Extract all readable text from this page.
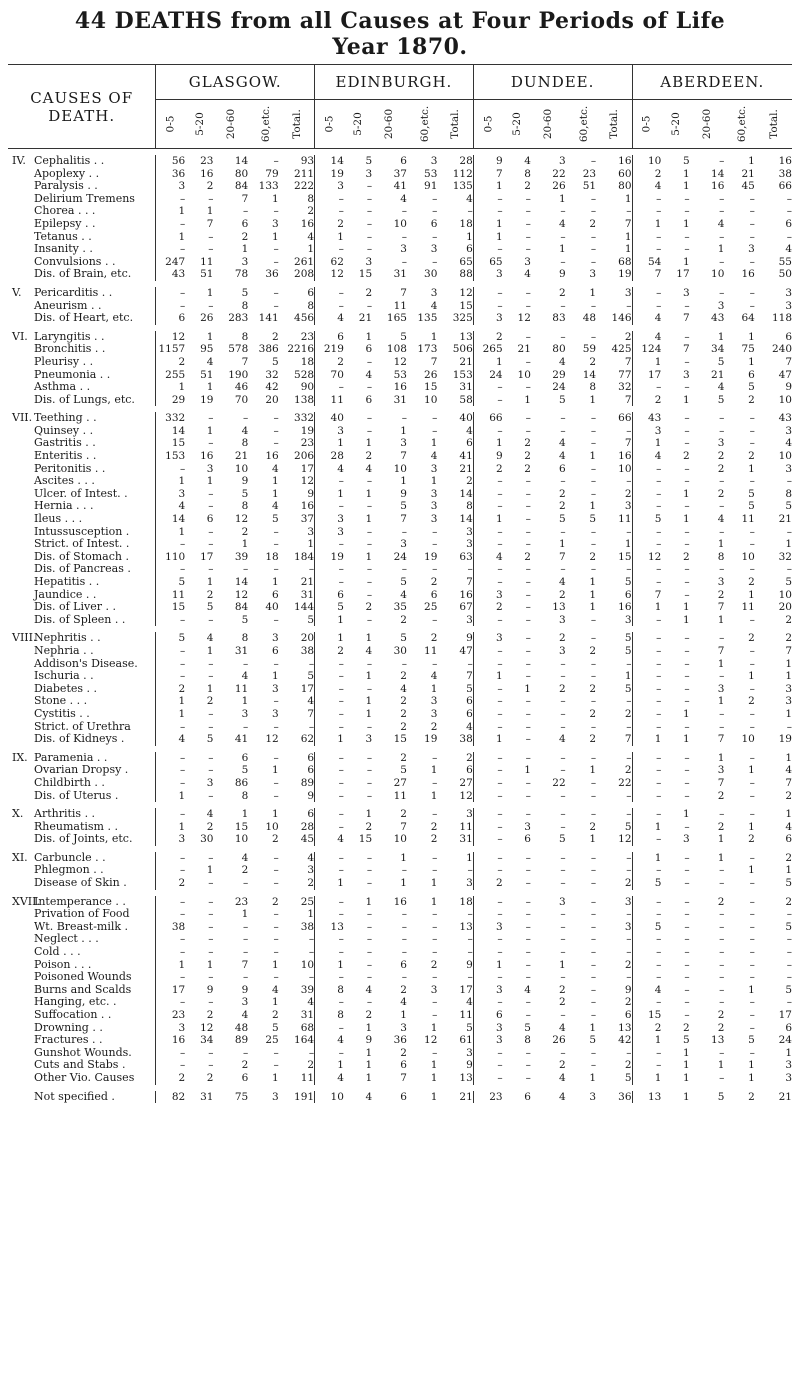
44 DEATHS from all Causes at Four Periods of Life
Year 1870.
CAUSES OF DEATH.	GLASGOW.					EDINBURGH.					DUNDEE.					ABERDEEN.				
	0-5	5-20	20-60	60,etc.	Total.	0-5	5-20	20-60	60,etc.	Total.	0-5	5-20	20-60	60,etc.	Total.	0-5	5-20	20-60	60,etc.	Total.

IV. Cephalitis . .	56	23	14	–	93	14	5	6	3	28	9	4	3	–	16	10	5	–	1	16
Apoplexy . .	36	16	80	79	211	19	3	37	53	112	7	8	22	23	60	2	1	14	21	38
Paralysis . .	3	2	84	133	222	3	–	41	91	135	1	2	26	51	80	4	1	16	45	66
Delirium Tremens	–	–	7	1	8	–	–	4	–	4	–	–	1	–	1	–	–	–	–	–
Chorea . . .	1	1	–	–	2	–	–	–	–	–	–	–	–	–	–	–	–	–	–	–
Epilepsy . .	–	7	6	3	16	2	–	10	6	18	1	–	4	2	7	1	1	4	–	6
Tetanus . .	1	–	2	1	4	1	–	–	–	1	1	–	–	–	1	–	–	–	–	–
Insanity . .	–	–	1	–	1	–	–	3	3	6	–	–	1	–	1	–	–	1	3	4
Convulsions . .	247	11	3	–	261	62	3	–	–	65	65	3	–	–	68	54	1	–	–	55
Dis. of Brain, etc.	43	51	78	36	208	12	15	31	30	88	3	4	9	3	19	7	17	10	16	50

V. Pericarditis . .	–	1	5	–	6	–	2	7	3	12	–	–	2	1	3	–	3	–	–	3
Aneurism . .	–	–	8	–	8	–	–	11	4	15	–	–	–	–	–	–	–	3	–	3
Dis. of Heart, etc.	6	26	283	141	456	4	21	165	135	325	3	12	83	48	146	4	7	43	64	118

VI. Laryngitis . .	12	1	8	2	23	6	1	5	1	13	2	–	–	–	2	4	–	1	1	6
Bronchitis . .	1157	95	578	386	2216	219	6	108	173	506	265	21	80	59	425	124	7	34	75	240
Pleurisy . .	2	4	7	5	18	2	–	12	7	21	1	–	4	2	7	1	–	5	1	7
Pneumonia . .	255	51	190	32	528	70	4	53	26	153	24	10	29	14	77	17	3	21	6	47
Asthma . .	1	1	46	42	90	–	–	16	15	31	–	–	24	8	32	–	–	4	5	9
Dis. of Lungs, etc.	29	19	70	20	138	11	6	31	10	58	–	1	5	1	7	2	1	5	2	10

VII. Teething . .	332	–	–	–	332	40	–	–	–	40	66	–	–	–	66	43	–	–	–	43
Quinsey . .	14	1	4	–	19	3	–	1	–	4	–	–	–	–	–	3	–	–	–	3
Gastritis . .	15	–	8	–	23	1	1	3	1	6	1	2	4	–	7	1	–	3	–	4
Enteritis . .	153	16	21	16	206	28	2	7	4	41	9	2	4	1	16	4	2	2	2	10
Peritonitis . .	–	3	10	4	17	4	4	10	3	21	2	2	6	–	10	–	–	2	1	3
Ascites . . .	1	1	9	1	12	–	–	1	1	2	–	–	–	–	–	–	–	–	–	–
Ulcer. of Intest. .	3	–	5	1	9	1	1	9	3	14	–	–	2	–	2	–	1	2	5	8
Hernia . . .	4	–	8	4	16	–	–	5	3	8	–	–	2	1	3	–	–	–	5	5
Ileus . . .	14	6	12	5	37	3	1	7	3	14	1	–	5	5	11	5	1	4	11	21
Intussusception .	1	–	2	–	3	3	–	–	–	3	–	–	–	–	–	–	–	–	–	–
Strict. of Intest. .	–	–	1	–	1	–	–	3	–	3	–	–	1	–	1	–	–	1	–	1
Dis. of Stomach .	110	17	39	18	184	19	1	24	19	63	4	2	7	2	15	12	2	8	10	32
Dis. of Pancreas .	–	–	–	–	–	–	–	–	–	–	–	–	–	–	–	–	–	–	–	–
Hepatitis . .	5	1	14	1	21	–	–	5	2	7	–	–	4	1	5	–	–	3	2	5
Jaundice . .	11	2	12	6	31	6	–	4	6	16	3	–	2	1	6	7	–	2	1	10
Dis. of Liver . .	15	5	84	40	144	5	2	35	25	67	2	–	13	1	16	1	1	7	11	20
Dis. of Spleen . .	–	–	5	–	5	1	–	2	–	3	–	–	3	–	3	–	1	1	–	2

VIII.Nephritis . .	5	4	8	3	20	1	1	5	2	9	3	–	2	–	5	–	–	–	2	2
Nephria . .	–	1	31	6	38	2	4	30	11	47	–	–	3	2	5	–	–	7	–	7
Addison's Disease.	–	–	–	–	–	–	–	–	–	–	–	–	–	–	–	–	–	1	–	1
Ischuria . .	–	–	4	1	5	–	1	2	4	7	1	–	–	–	1	–	–	–	1	1
Diabetes . .	2	1	11	3	17	–	–	4	1	5	–	1	2	2	5	–	–	3	–	3
Stone . . .	1	2	1	–	4	–	1	2	3	6	–	–	–	–	–	–	–	1	2	3
Cystitis . .	1	–	3	3	7	–	1	2	3	6	–	–	–	2	2	–	1	–	–	1
Strict. of Urethra	–	–	–	–	–	–	–	2	2	4	–	–	–	–	–	–	–	–	–	–
Dis. of Kidneys .	4	5	41	12	62	1	3	15	19	38	1	–	4	2	7	1	1	7	10	19

IX. Paramenia . .	–	–	6	–	6	–	–	2	–	2	–	–	–	–	–	–	–	1	–	1
Ovarian Dropsy .	–	–	5	1	6	–	–	5	1	6	–	1	–	1	2	–	–	3	1	4
Childbirth . .	–	3	86	–	89	–	–	27	–	27	–	–	22	–	22	–	–	7	–	7
Dis. of Uterus .	1	–	8	–	9	–	–	11	1	12	–	–	–	–	–	–	–	2	–	2

X. Arthritis . .	–	4	1	1	6	–	1	2	–	3	–	–	–	–	–	–	1	–	–	1
Rheumatism . .	1	2	15	10	28	–	2	7	2	11	–	3	–	2	5	1	–	2	1	4
Dis. of Joints, etc.	3	30	10	2	45	4	15	10	2	31	–	6	5	1	12	–	3	1	2	6

XI. Carbuncle . .	–	–	4	–	4	–	–	1	–	1	–	–	–	–	–	1	–	1	–	2
Phlegmon . .	–	1	2	–	3	–	–	–	–	–	–	–	–	–	–	–	–	–	1	1
Disease of Skin .	2	–	–	–	2	1	–	1	1	3	2	–	–	–	2	5	–	–	–	5

XVII.Intemperance . .	–	–	23	2	25	–	1	16	1	18	–	–	3	–	3	–	–	2	–	2
Privation of Food	–	–	1	–	1	–	–	–	–	–	–	–	–	–	–	–	–	–	–	–
Wt. Breast-milk .	38	–	–	–	38	13	–	–	–	13	3	–	–	–	3	5	–	–	–	5
Neglect . . .	–	–	–	–	–	–	–	–	–	–	–	–	–	–	–	–	–	–	–	–
Cold . . .	–	–	–	–	–	–	–	–	–	–	–	–	–	–	–	–	–	–	–	–
Poison . . .	1	1	7	1	10	1	–	6	2	9	1	–	1	–	2	–	–	–	–	–
Poisoned Wounds	–	–	–	–	–	–	–	–	–	–	–	–	–	–	–	–	–	–	–	–
Burns and Scalds	17	9	9	4	39	8	4	2	3	17	3	4	2	–	9	4	–	–	1	5
Hanging, etc. .	–	–	3	1	4	–	–	4	–	4	–	–	2	–	2	–	–	–	–	–
Suffocation . .	23	2	4	2	31	8	2	1	–	11	6	–	–	–	6	15	–	2	–	17
Drowning . .	3	12	48	5	68	–	1	3	1	5	3	5	4	1	13	2	2	2	–	6
Fractures . .	16	34	89	25	164	4	9	36	12	61	3	8	26	5	42	1	5	13	5	24
Gunshot Wounds.	–	–	–	–	–	–	1	2	–	3	–	–	–	–	–	–	1	–	–	1
Cuts and Stabs .	–	–	2	–	2	1	1	6	1	9	–	–	2	–	2	–	1	1	1	3
Other Vio. Causes	2	2	6	1	11	4	1	7	1	13	–	–	4	1	5	1	1	–	1	3

Not specified .	82	31	75	3	191	10	4	6	1	21	23	6	4	3	36	13	1	5	2	21
